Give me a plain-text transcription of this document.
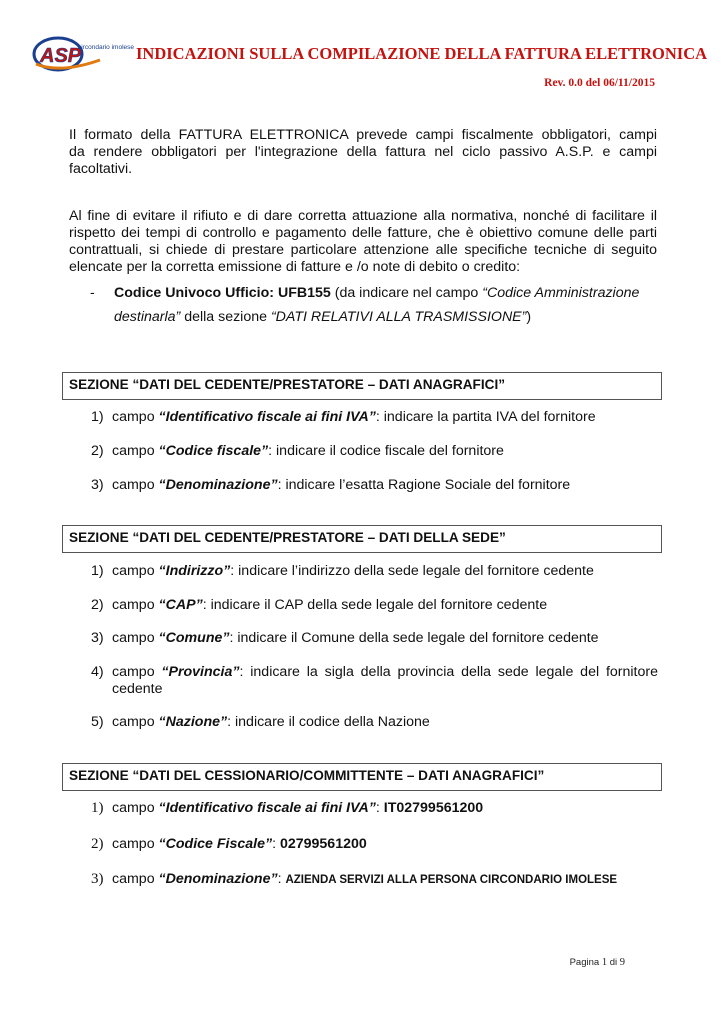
ASP
circondario imolese INDICAZIONI SULLA COMPILAZIONE DELLA FATTURA ELETTRONICA
Rev. 0.0 del 06/11/2015
Il formato della FATTURA ELETTRONICA prevede campi fiscalmente obbligatori, campi
da rendere obbligatori per l'integrazione della fattura nel ciclo passivo A.S.P. e campi
facoltativi.
Al fine di evitare il rifiuto e di dare corretta attuazione alla normativa, nonché di facilitare il
rispetto dei tempi di controllo e pagamento delle fatture, che è obiettivo comune delle parti
contrattuali, si chiede di prestare particolare attenzione alle specifiche tecniche di seguito
elencate per la corretta emissione di fatture e /o note di debito o credito:
- Codice Univoco Ufficio: UFB155 (da indicare nel campo “Codice Amministrazione
destinarla” della sezione “DATI RELATIVI ALLA TRASMISSIONE”)
SEZIONE “DATI DEL CEDENTE/PRESTATORE – DATI ANAGRAFICI”
1) campo “Identificativo fiscale ai fini IVA”: indicare la partita IVA del fornitore
2) campo “Codice fiscale”: indicare il codice fiscale del fornitore
3) campo “Denominazione”: indicare l’esatta Ragione Sociale del fornitore
SEZIONE “DATI DEL CEDENTE/PRESTATORE – DATI DELLA SEDE”
1) campo “Indirizzo”: indicare l’indirizzo della sede legale del fornitore cedente
2) campo “CAP”: indicare il CAP della sede legale del fornitore cedente
3) campo “Comune”: indicare il Comune della sede legale del fornitore cedente
4) campo “Provincia”: indicare la sigla della provincia della sede legale del fornitore
cedente
5) campo “Nazione”: indicare il codice della Nazione
SEZIONE “DATI DEL CESSIONARIO/COMMITTENTE – DATI ANAGRAFICI”
1) campo “Identificativo fiscale ai fini IVA”: IT02799561200
2) campo “Codice Fiscale”: 02799561200
3) campo “Denominazione”: AZIENDA SERVIZI ALLA PERSONA CIRCONDARIO IMOLESE
Pagina 1 di 9
